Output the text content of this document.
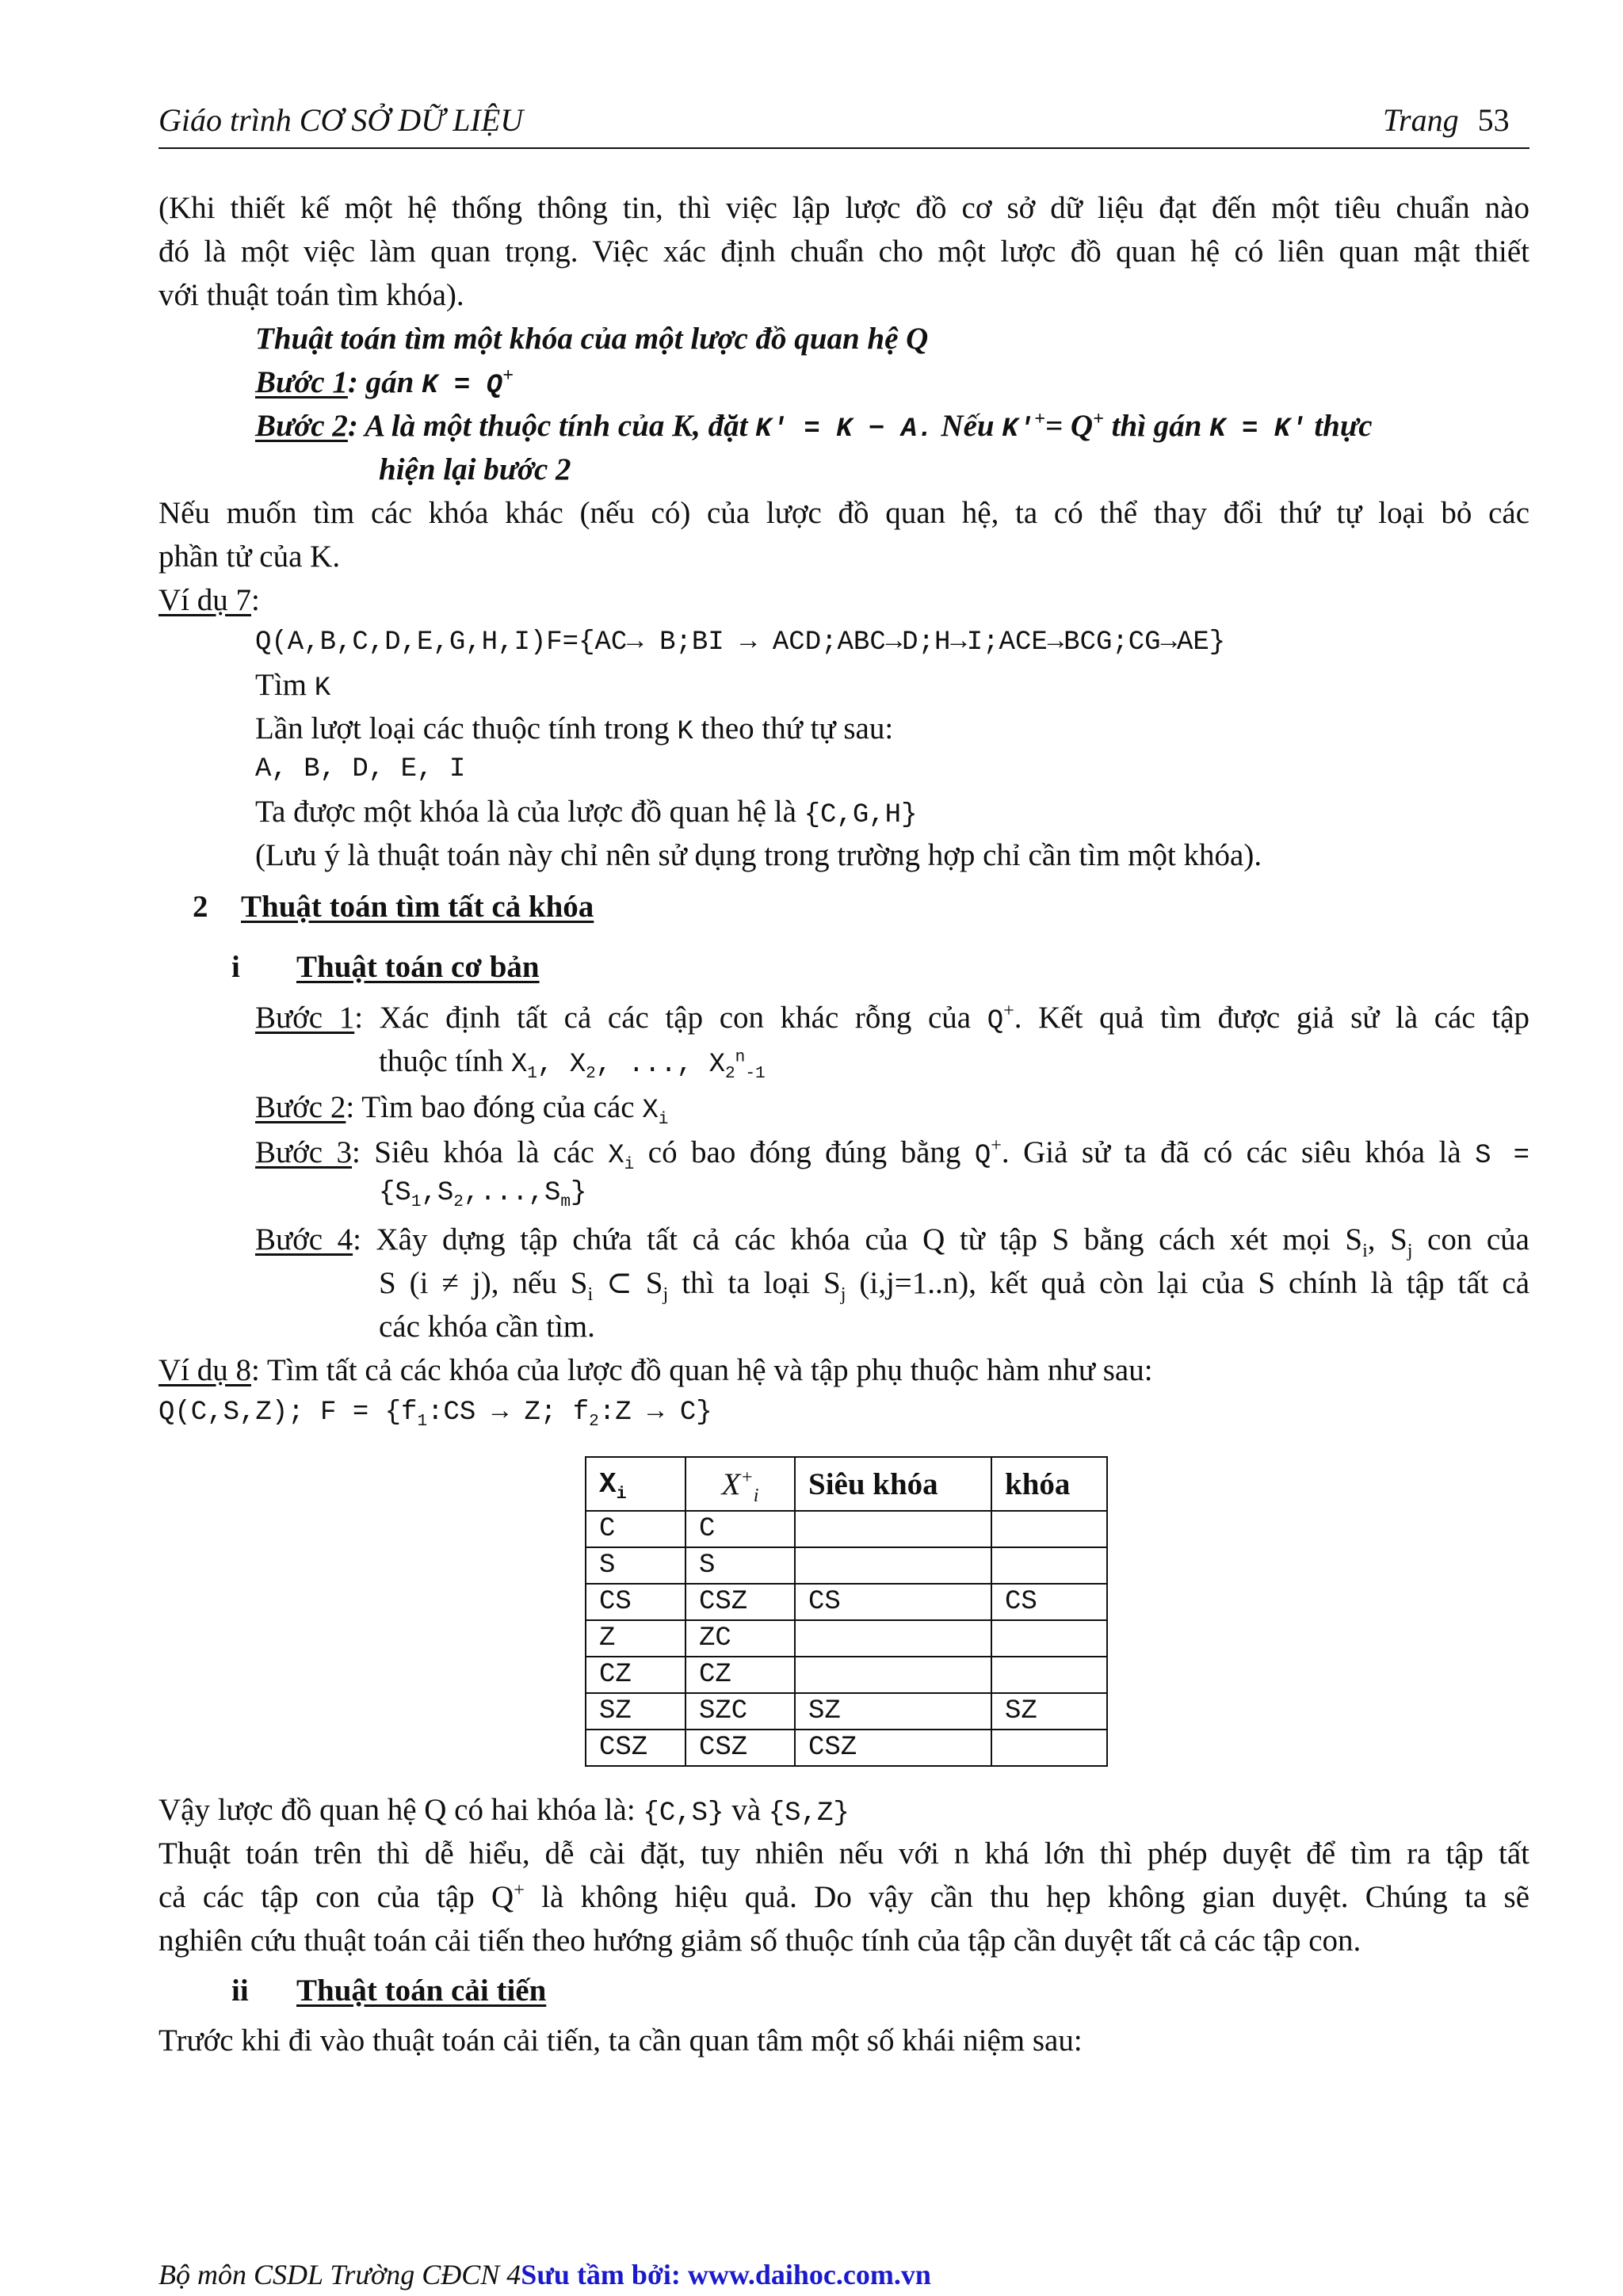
Giáo trình CƠ SỞ DỮ LIỆU	Trang 53
(Khi thiết kế một hệ thống thông tin, thì việc lập lược đồ cơ sở dữ liệu đạt đến một tiêu chuẩn nào
đó là một việc làm quan trọng. Việc xác định chuẩn cho một lược đồ quan hệ có liên quan mật thiết
với thuật toán tìm khóa).
Thuật toán tìm một khóa của một lược đồ quan hệ Q
Bước 1: gán K = Q+
Bước 2: A là một thuộc tính của K, đặt K′ = K − A. Nếu K′+= Q+ thì gán K = K' thực
hiện lại bước 2
Nếu muốn tìm các khóa khác (nếu có) của lược đồ quan hệ, ta có thể thay đổi thứ tự loại bỏ các
phần tử của K.
Ví dụ 7:
Q(A,B,C,D,E,G,H,I)F={AC→ B;BI → ACD;ABC→D;H→I;ACE→BCG;CG→AE}
Tìm K
Lần lượt loại các thuộc tính trong K theo thứ tự sau:
A, B, D, E, I
Ta được một khóa là của lược đồ quan hệ là {C,G,H}
(Lưu ý là thuật toán này chỉ nên sử dụng trong trường hợp chỉ cần tìm một khóa).
2 Thuật toán tìm tất cả khóa
i Thuật toán cơ bản
Bước 1: Xác định tất cả các tập con khác rỗng của Q+. Kết quả tìm được giả sử là các tập
thuộc tính $X_1$, $X_2$, ..., $X_2^n_{-1}$
Bước 2: Tìm bao đóng của các $X_i$
Bước 3: Siêu khóa là các $X_i$ có bao đóng đúng bằng Q+. Giả sử ta đã có các siêu khóa là S =
$\{S_1,S_2,...,S_m\}$
Bước 4: Xây dựng tập chứa tất cả các khóa của Q từ tập S bằng cách xét mọi $S_i$, $S_j$ con của
S (i ≠ j), nếu $S_i$ ⊂ $S_j$ thì ta loại $S_j$ (i,j=1..n), kết quả còn lại của S chính là tập tất cả
các khóa cần tìm.
Ví dụ 8: Tìm tất cả các khóa của lược đồ quan hệ và tập phụ thuộc hàm như sau:
Q(C,S,Z); $F = \{f_1:CS \to Z$; $f_2:Z \to C$}
$X_i$	$X^+_i$	Siêu khóa	khóa
C	C		
S	S		
CS	CSZ	CS	CS
Z	ZC		
CZ	CZ		
SZ	SZC	SZ	SZ
CSZ	CSZ	CSZ	
Vậy lược đồ quan hệ Q có hai khóa là: {C,S} và {S,Z}
Thuật toán trên thì dễ hiểu, dễ cài đặt, tuy nhiên nếu với n khá lớn thì phép duyệt để tìm ra tập tất
cả các tập con của tập Q+ là không hiệu quả. Do vậy cần thu hẹp không gian duyệt. Chúng ta sẽ
nghiên cứu thuật toán cải tiến theo hướng giảm số thuộc tính của tập cần duyệt tất cả các tập con.
ii Thuật toán cải tiến
Trước khi đi vào thuật toán cải tiến, ta cần quan tâm một số khái niệm sau:
Bộ môn CSDL Trường CĐCN 4Sưu tầm bởi: www.daihoc.com.vn
